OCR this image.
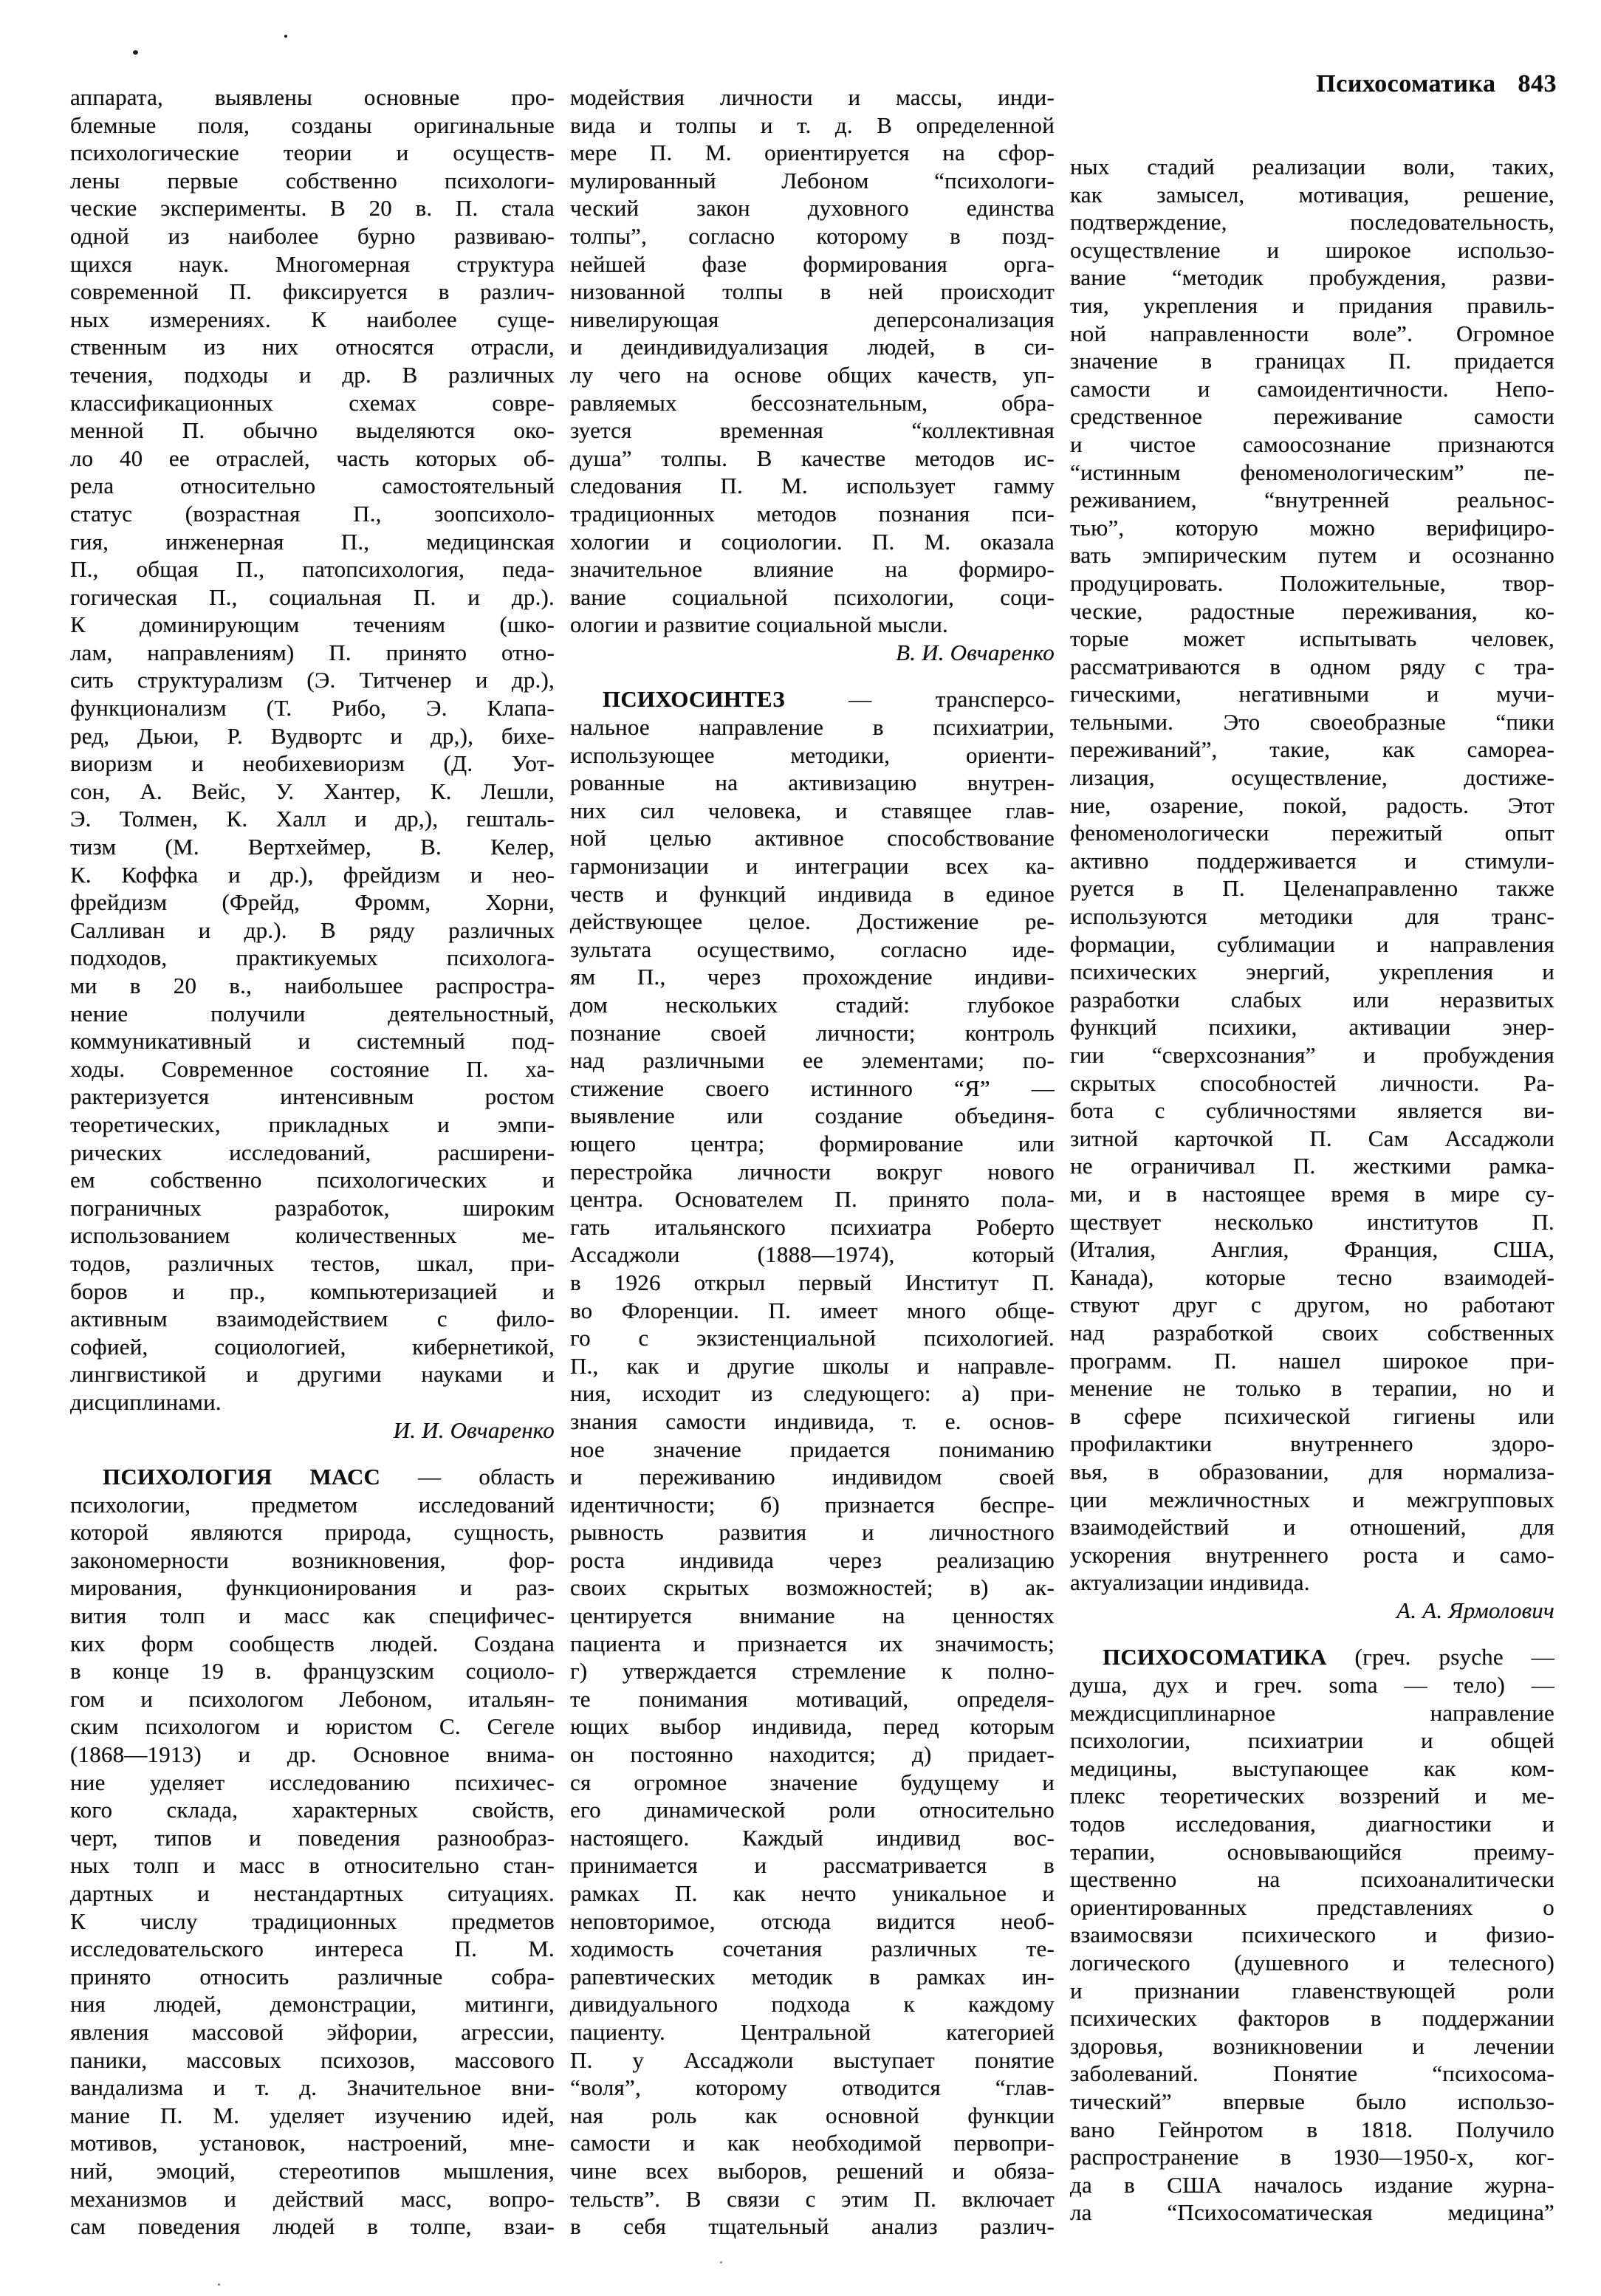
Психосоматика 843
аппарата, выявлены основные про-
блемные поля, созданы оригинальные
психологические теории и осуществ-
лены первые собственно психологи-
ческие эксперименты. В 20 в. П. стала
одной из наиболее бурно развиваю-
щихся наук. Многомерная структура
современной П. фиксируется в различ-
ных измерениях. К наиболее суще-
ственным из них относятся отрасли,
течения, подходы и др. В различных
классификационных схемах совре-
менной П. обычно выделяются око-
ло 40 ее отраслей, часть которых об-
рела относительно самостоятельный
статус (возрастная П., зоопсихоло-
гия, инженерная П., медицинская
П., общая П., патопсихология, педа-
гогическая П., социальная П. и др.).
К доминирующим течениям (шко-
лам, направлениям) П. принято отно-
сить структурализм (Э. Титченер и др.),
функционализм (Т. Рибо, Э. Клапа-
ред, Дьюи, Р. Вудвортс и др,), бихе-
виоризм и необихевиоризм (Д. Уот-
сон, А. Вейс, У. Хантер, К. Лешли,
Э. Толмен, К. Халл и др,), гешталь-
тизм (М. Вертхеймер, В. Келер,
К. Коффка и др.), фрейдизм и нео-
фрейдизм (Фрейд, Фромм, Хорни,
Салливан и др.). В ряду различных
подходов, практикуемых психолога-
ми в 20 в., наибольшее распростра-
нение получили деятельностный,
коммуникативный и системный под-
ходы. Современное состояние П. ха-
рактеризуется интенсивным ростом
теоретических, прикладных и эмпи-
рических исследований, расширени-
ем собственно психологических и
пограничных разработок, широким
использованием количественных ме-
тодов, различных тестов, шкал, при-
боров и пр., компьютеризацией и
активным взаимодействием с фило-
софией, социологией, кибернетикой,
лингвистикой и другими науками и
дисциплинами.
И. И. Овчаренко
ПСИХОЛОГИЯ МАСС — область
психологии, предметом исследований
которой являются природа, сущность,
закономерности возникновения, фор-
мирования, функционирования и раз-
вития толп и масс как специфичес-
ких форм сообществ людей. Создана
в конце 19 в. французским социоло-
гом и психологом Лебоном, итальян-
ским психологом и юристом С. Сегеле
(1868—1913) и др. Основное внима-
ние уделяет исследованию психичес-
кого склада, характерных свойств,
черт, типов и поведения разнообраз-
ных толп и масс в относительно стан-
дартных и нестандартных ситуациях.
К числу традиционных предметов
исследовательского интереса П. М.
принято относить различные собра-
ния людей, демонстрации, митинги,
явления массовой эйфории, агрессии,
паники, массовых психозов, массового
вандализма и т. д. Значительное вни-
мание П. М. уделяет изучению идей,
мотивов, установок, настроений, мне-
ний, эмоций, стереотипов мышления,
механизмов и действий масс, вопро-
сам поведения людей в толпе, взаи-
модействия личности и массы, инди-
вида и толпы и т. д. В определенной
мере П. М. ориентируется на сфор-
мулированный Лебоном “психологи-
ческий закон духовного единства
толпы”, согласно которому в позд-
нейшей фазе формирования орга-
низованной толпы в ней происходит
нивелирующая деперсонализация
и деиндивидуализация людей, в си-
лу чего на основе общих качеств, уп-
равляемых бессознательным, обра-
зуется временная “коллективная
душа” толпы. В качестве методов ис-
следования П. М. использует гамму
традиционных методов познания пси-
хологии и социологии. П. М. оказала
значительное влияние на формиро-
вание социальной психологии, соци-
ологии и развитие социальной мысли.
В. И. Овчаренко
ПСИХОСИНТЕЗ — трансперсо-
нальное направление в психиатрии,
использующее методики, ориенти-
рованные на активизацию внутрен-
них сил человека, и ставящее глав-
ной целью активное способствование
гармонизации и интеграции всех ка-
честв и функций индивида в единое
действующее целое. Достижение ре-
зультата осуществимо, согласно иде-
ям П., через прохождение индиви-
дом нескольких стадий: глубокое
познание своей личности; контроль
над различными ее элементами; по-
стижение своего истинного “Я” —
выявление или создание объединя-
ющего центра; формирование или
перестройка личности вокруг нового
центра. Основателем П. принято пола-
гать итальянского психиатра Роберто
Ассаджоли (1888—1974), который
в 1926 открыл первый Институт П.
во Флоренции. П. имеет много обще-
го с экзистенциальной психологией.
П., как и другие школы и направле-
ния, исходит из следующего: а) при-
знания самости индивида, т. е. основ-
ное значение придается пониманию
и переживанию индивидом своей
идентичности; б) признается беспре-
рывность развития и личностного
роста индивида через реализацию
своих скрытых возможностей; в) ак-
центируется внимание на ценностях
пациента и признается их значимость;
г) утверждается стремление к полно-
те понимания мотиваций, определя-
ющих выбор индивида, перед которым
он постоянно находится; д) придает-
ся огромное значение будущему и
его динамической роли относительно
настоящего. Каждый индивид вос-
принимается и рассматривается в
рамках П. как нечто уникальное и
неповторимое, отсюда видится необ-
ходимость сочетания различных те-
рапевтических методик в рамках ин-
дивидуального подхода к каждому
пациенту. Центральной категорией
П. у Ассаджоли выступает понятие
“воля”, которому отводится “глав-
ная роль как основной функции
самости и как необходимой первопри-
чине всех выборов, решений и обяза-
тельств”. В связи с этим П. включает
в себя тщательный анализ различ-
ных стадий реализации воли, таких,
как замысел, мотивация, решение,
подтверждение, последовательность,
осуществление и широкое использо-
вание “методик пробуждения, разви-
тия, укрепления и придания правиль-
ной направленности воле”. Огромное
значение в границах П. придается
самости и самоидентичности. Непо-
средственное переживание самости
и чистое самоосознание признаются
“истинным феноменологическим” пе-
реживанием, “внутренней реальнос-
тью”, которую можно верифициро-
вать эмпирическим путем и осознанно
продуцировать. Положительные, твор-
ческие, радостные переживания, ко-
торые может испытывать человек,
рассматриваются в одном ряду с тра-
гическими, негативными и мучи-
тельными. Это своеобразные “пики
переживаний”, такие, как самореа-
лизация, осуществление, достиже-
ние, озарение, покой, радость. Этот
феноменологически пережитый опыт
активно поддерживается и стимули-
руется в П. Целенаправленно также
используются методики для транс-
формации, сублимации и направления
психических энергий, укрепления и
разработки слабых или неразвитых
функций психики, активации энер-
гии “сверхсознания” и пробуждения
скрытых способностей личности. Ра-
бота с субличностями является ви-
зитной карточкой П. Сам Ассаджоли
не ограничивал П. жесткими рамка-
ми, и в настоящее время в мире су-
ществует несколько институтов П.
(Италия, Англия, Франция, США,
Канада), которые тесно взаимодей-
ствуют друг с другом, но работают
над разработкой своих собственных
программ. П. нашел широкое при-
менение не только в терапии, но и
в сфере психической гигиены или
профилактики внутреннего здоро-
вья, в образовании, для нормализа-
ции межличностных и межгрупповых
взаимодействий и отношений, для
ускорения внутреннего роста и само-
актуализации индивида.
А. А. Ярмолович
ПСИХОСОМАТИКА (греч. psyche —
душа, дух и греч. soma — тело) —
междисциплинарное направление
психологии, психиатрии и общей
медицины, выступающее как ком-
плекс теоретических воззрений и ме-
тодов исследования, диагностики и
терапии, основывающийся преиму-
щественно на психоаналитически
ориентированных представлениях о
взаимосвязи психического и физио-
логического (душевного и телесного)
и признании главенствующей роли
психических факторов в поддержании
здоровья, возникновении и лечении
заболеваний. Понятие “психосома-
тический” впервые было использо-
вано Гейнротом в 1818. Получило
распространение в 1930—1950-х, ког-
да в США началось издание журна-
ла “Психосоматическая медицина”
